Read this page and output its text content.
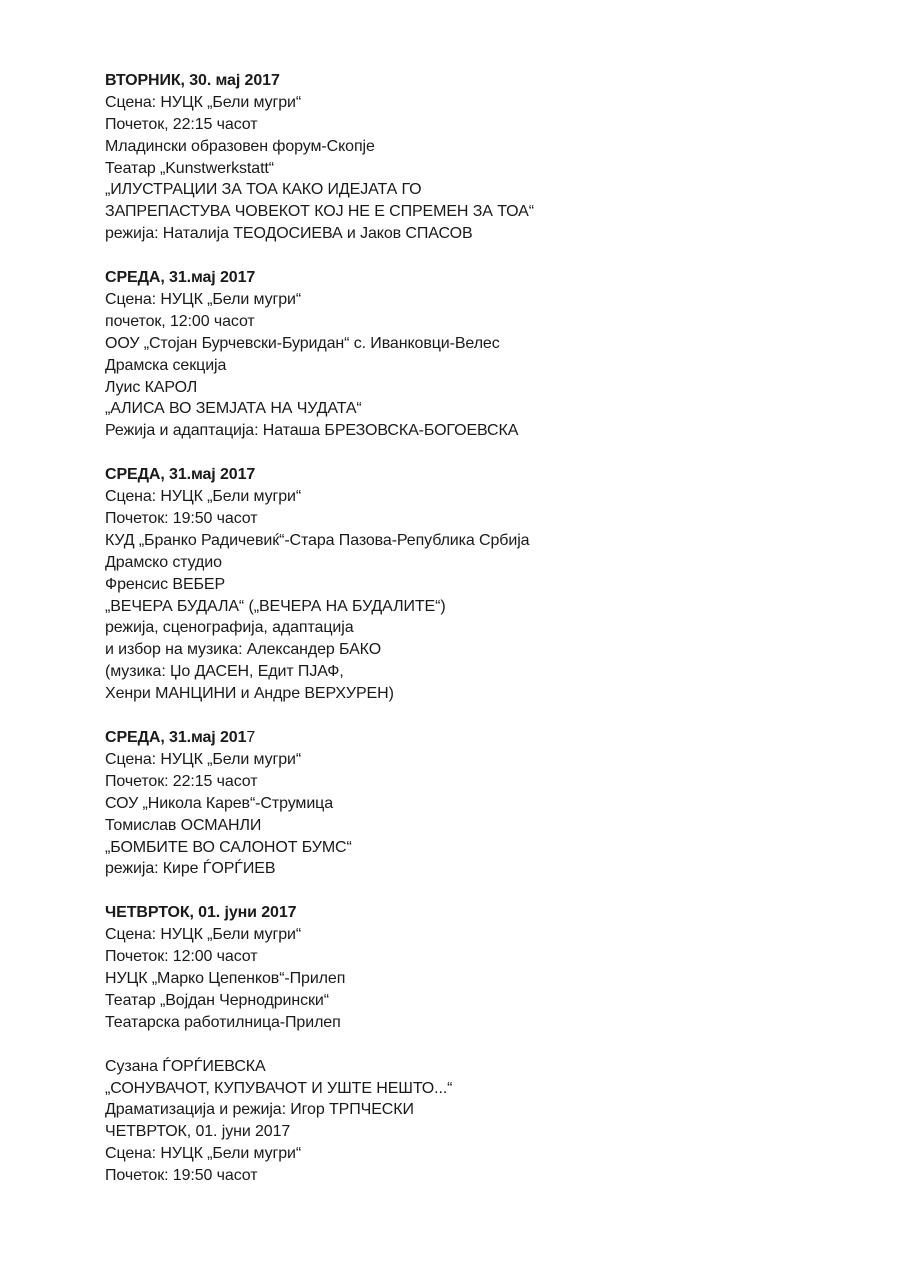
ВТОРНИК, 30. мај 2017
Сцена: НУЦК „Бели мугри“
Почеток, 22:15 часот
Младински образовен форум-Скопје
Театар „Kunstwerkstatt“
„ИЛУСТРАЦИИ ЗА ТОА КАКО ИДЕЈАТА ГО
ЗАПРЕПАСТУВА ЧОВЕКОТ КОЈ НЕ Е СПРЕМЕН ЗА ТОА“
режија: Наталија ТЕОДОСИЕВА и Јаков СПАСОВ
СРЕДА, 31.мај 2017
Сцена: НУЦК „Бели мугри“
почеток, 12:00 часот
ООУ „Стојан Бурчевски-Буридан“ с. Иванковци-Велес
Драмска секција
Луис КАРОЛ
„АЛИСА ВО ЗЕМЈАТА НА ЧУДАТА“
Режија и адаптација: Наташа БРЕЗОВСКА-БОГОЕВСКА
СРЕДА, 31.мај 2017
Сцена: НУЦК „Бели мугри“
Почеток: 19:50 часот
КУД „Бранко Радичевиќ“-Стара Пазова-Република Србија
Драмско студио
Френсис ВЕБЕР
„ВЕЧЕРА БУДАЛА“ („ВЕЧЕРА НА БУДАЛИТЕ“)
режија, сценографија, адаптација
и избор на музика: Александер БАКО
(музика: Џо ДАСЕН, Едит ПЈАФ,
Хенри МАНЦИНИ и Андре ВЕРХУРЕН)
СРЕДА, 31.мај 2017
Сцена: НУЦК „Бели мугри“
Почеток: 22:15 часот
СОУ „Никола Карев“-Струмица
Томислав ОСМАНЛИ
„БОМБИТЕ ВО САЛОНОТ БУМС“
режија: Кире ЃОРЃИЕВ
ЧЕТВРТОК, 01. јуни 2017
Сцена: НУЦК „Бели мугри“
Почеток: 12:00 часот
НУЦК „Марко Цепенков“-Прилеп
Театар „Војдан Чернодрински“
Театарска работилница-Прилеп
Сузана ЃОРЃИЕВСКА
„СОНУВАЧОТ, КУПУВАЧОТ И УШТЕ НЕШТО...“
Драматизација и режија: Игор ТРПЧЕСКИ
ЧЕТВРТОК, 01. јуни 2017
Сцена: НУЦК „Бели мугри“
Почеток: 19:50 часот
